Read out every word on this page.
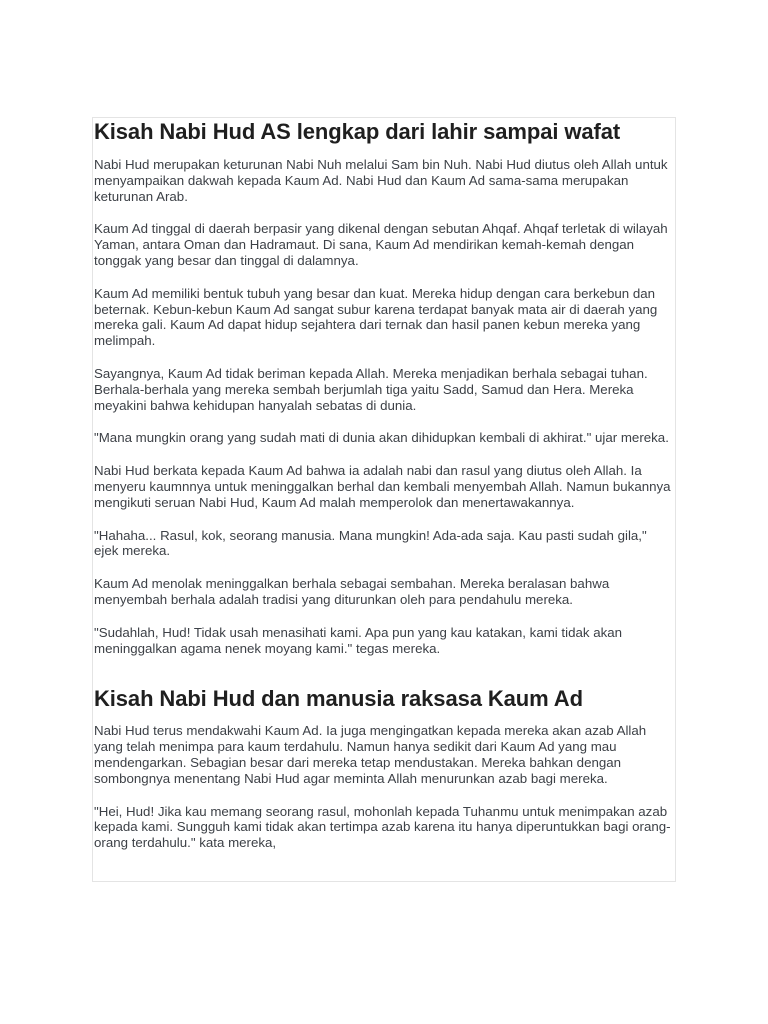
Kisah Nabi Hud AS lengkap dari lahir sampai wafat

Nabi Hud merupakan keturunan Nabi Nuh melalui Sam bin Nuh. Nabi Hud diutus oleh Allah untuk menyampaikan dakwah kepada Kaum Ad. Nabi Hud dan Kaum Ad sama-sama merupakan keturunan Arab.

Kaum Ad tinggal di daerah berpasir yang dikenal dengan sebutan Ahqaf. Ahqaf terletak di wilayah Yaman, antara Oman dan Hadramaut. Di sana, Kaum Ad mendirikan kemah-kemah dengan tonggak yang besar dan tinggal di dalamnya.

Kaum Ad memiliki bentuk tubuh yang besar dan kuat. Mereka hidup dengan cara berkebun dan beternak. Kebun-kebun Kaum Ad sangat subur karena terdapat banyak mata air di daerah yang mereka gali. Kaum Ad dapat hidup sejahtera dari ternak dan hasil panen kebun mereka yang melimpah.

Sayangnya, Kaum Ad tidak beriman kepada Allah. Mereka menjadikan berhala sebagai tuhan. Berhala-berhala yang mereka sembah berjumlah tiga yaitu Sadd, Samud dan Hera. Mereka meyakini bahwa kehidupan hanyalah sebatas di dunia.

"Mana mungkin orang yang sudah mati di dunia akan dihidupkan kembali di akhirat." ujar mereka.

Nabi Hud berkata kepada Kaum Ad bahwa ia adalah nabi dan rasul yang diutus oleh Allah. Ia menyeru kaumnnya untuk meninggalkan berhal dan kembali menyembah Allah. Namun bukannya mengikuti seruan Nabi Hud, Kaum Ad malah memperolok dan menertawakannya.

"Hahaha... Rasul, kok, seorang manusia. Mana mungkin! Ada-ada saja. Kau pasti sudah gila," ejek mereka.

Kaum Ad menolak meninggalkan berhala sebagai sembahan. Mereka beralasan bahwa menyembah berhala adalah tradisi yang diturunkan oleh para pendahulu mereka.

"Sudahlah, Hud! Tidak usah menasihati kami. Apa pun yang kau katakan, kami tidak akan meninggalkan agama nenek moyang kami." tegas mereka.

Kisah Nabi Hud dan manusia raksasa Kaum Ad

Nabi Hud terus mendakwahi Kaum Ad. Ia juga mengingatkan kepada mereka akan azab Allah yang telah menimpa para kaum terdahulu. Namun hanya sedikit dari Kaum Ad yang mau mendengarkan. Sebagian besar dari mereka tetap mendustakan. Mereka bahkan dengan sombongnya menentang Nabi Hud agar meminta Allah menurunkan azab bagi mereka.

"Hei, Hud! Jika kau memang seorang rasul, mohonlah kepada Tuhanmu untuk menimpakan azab kepada kami. Sungguh kami tidak akan tertimpa azab karena itu hanya diperuntukkan bagi orang-orang terdahulu." kata mereka,
